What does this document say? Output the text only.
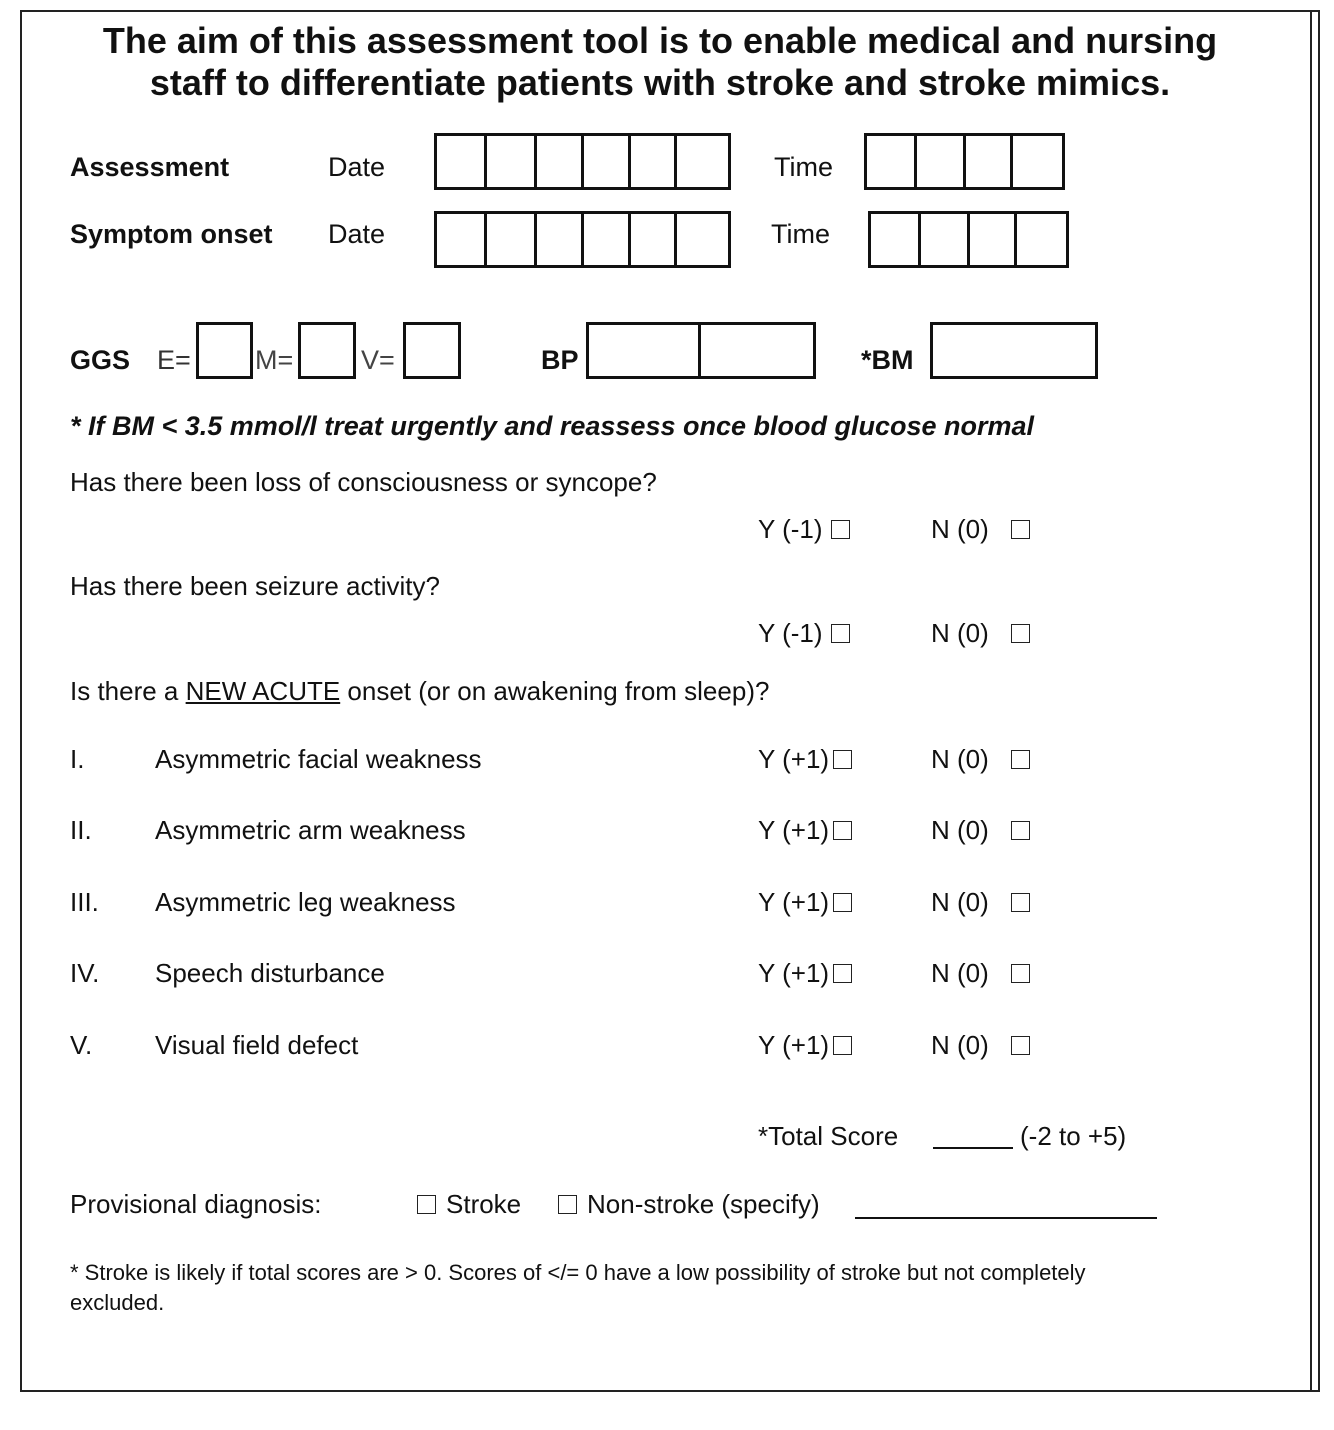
The aim of this assessment tool is to enable medical and nursing
staff to differentiate patients with stroke and stroke mimics.
Assessment	Date	Time
Symptom onset Date	Time
GGS E= M=	V=	BP	*BM
* If BM < 3.5 mmol/l treat urgently and reassess once blood glucose normal
Has there been loss of consciousness or syncope?
Y (-1)	N (0)
Has there been seizure activity?
Y (-1)	N (0)
Is there a NEW ACUTE onset (or on awakening from sleep)?
I.	Asymmetric facial weakness	Y (+1)	N (0)
II. Asymmetric arm weakness	Y (+1)	N (0)
III. Asymmetric leg weakness	Y (+1)	N (0)
IV. Speech disturbance	Y (+1)	N (0)
V. Visual field defect	Y (+1)	N (0)
*Total Score	(-2 to +5)
Provisional diagnosis:	Stroke	Non-stroke (specify)
* Stroke is likely if total scores are > 0. Scores of </= 0 have a low possibility of stroke but not completely excluded.
